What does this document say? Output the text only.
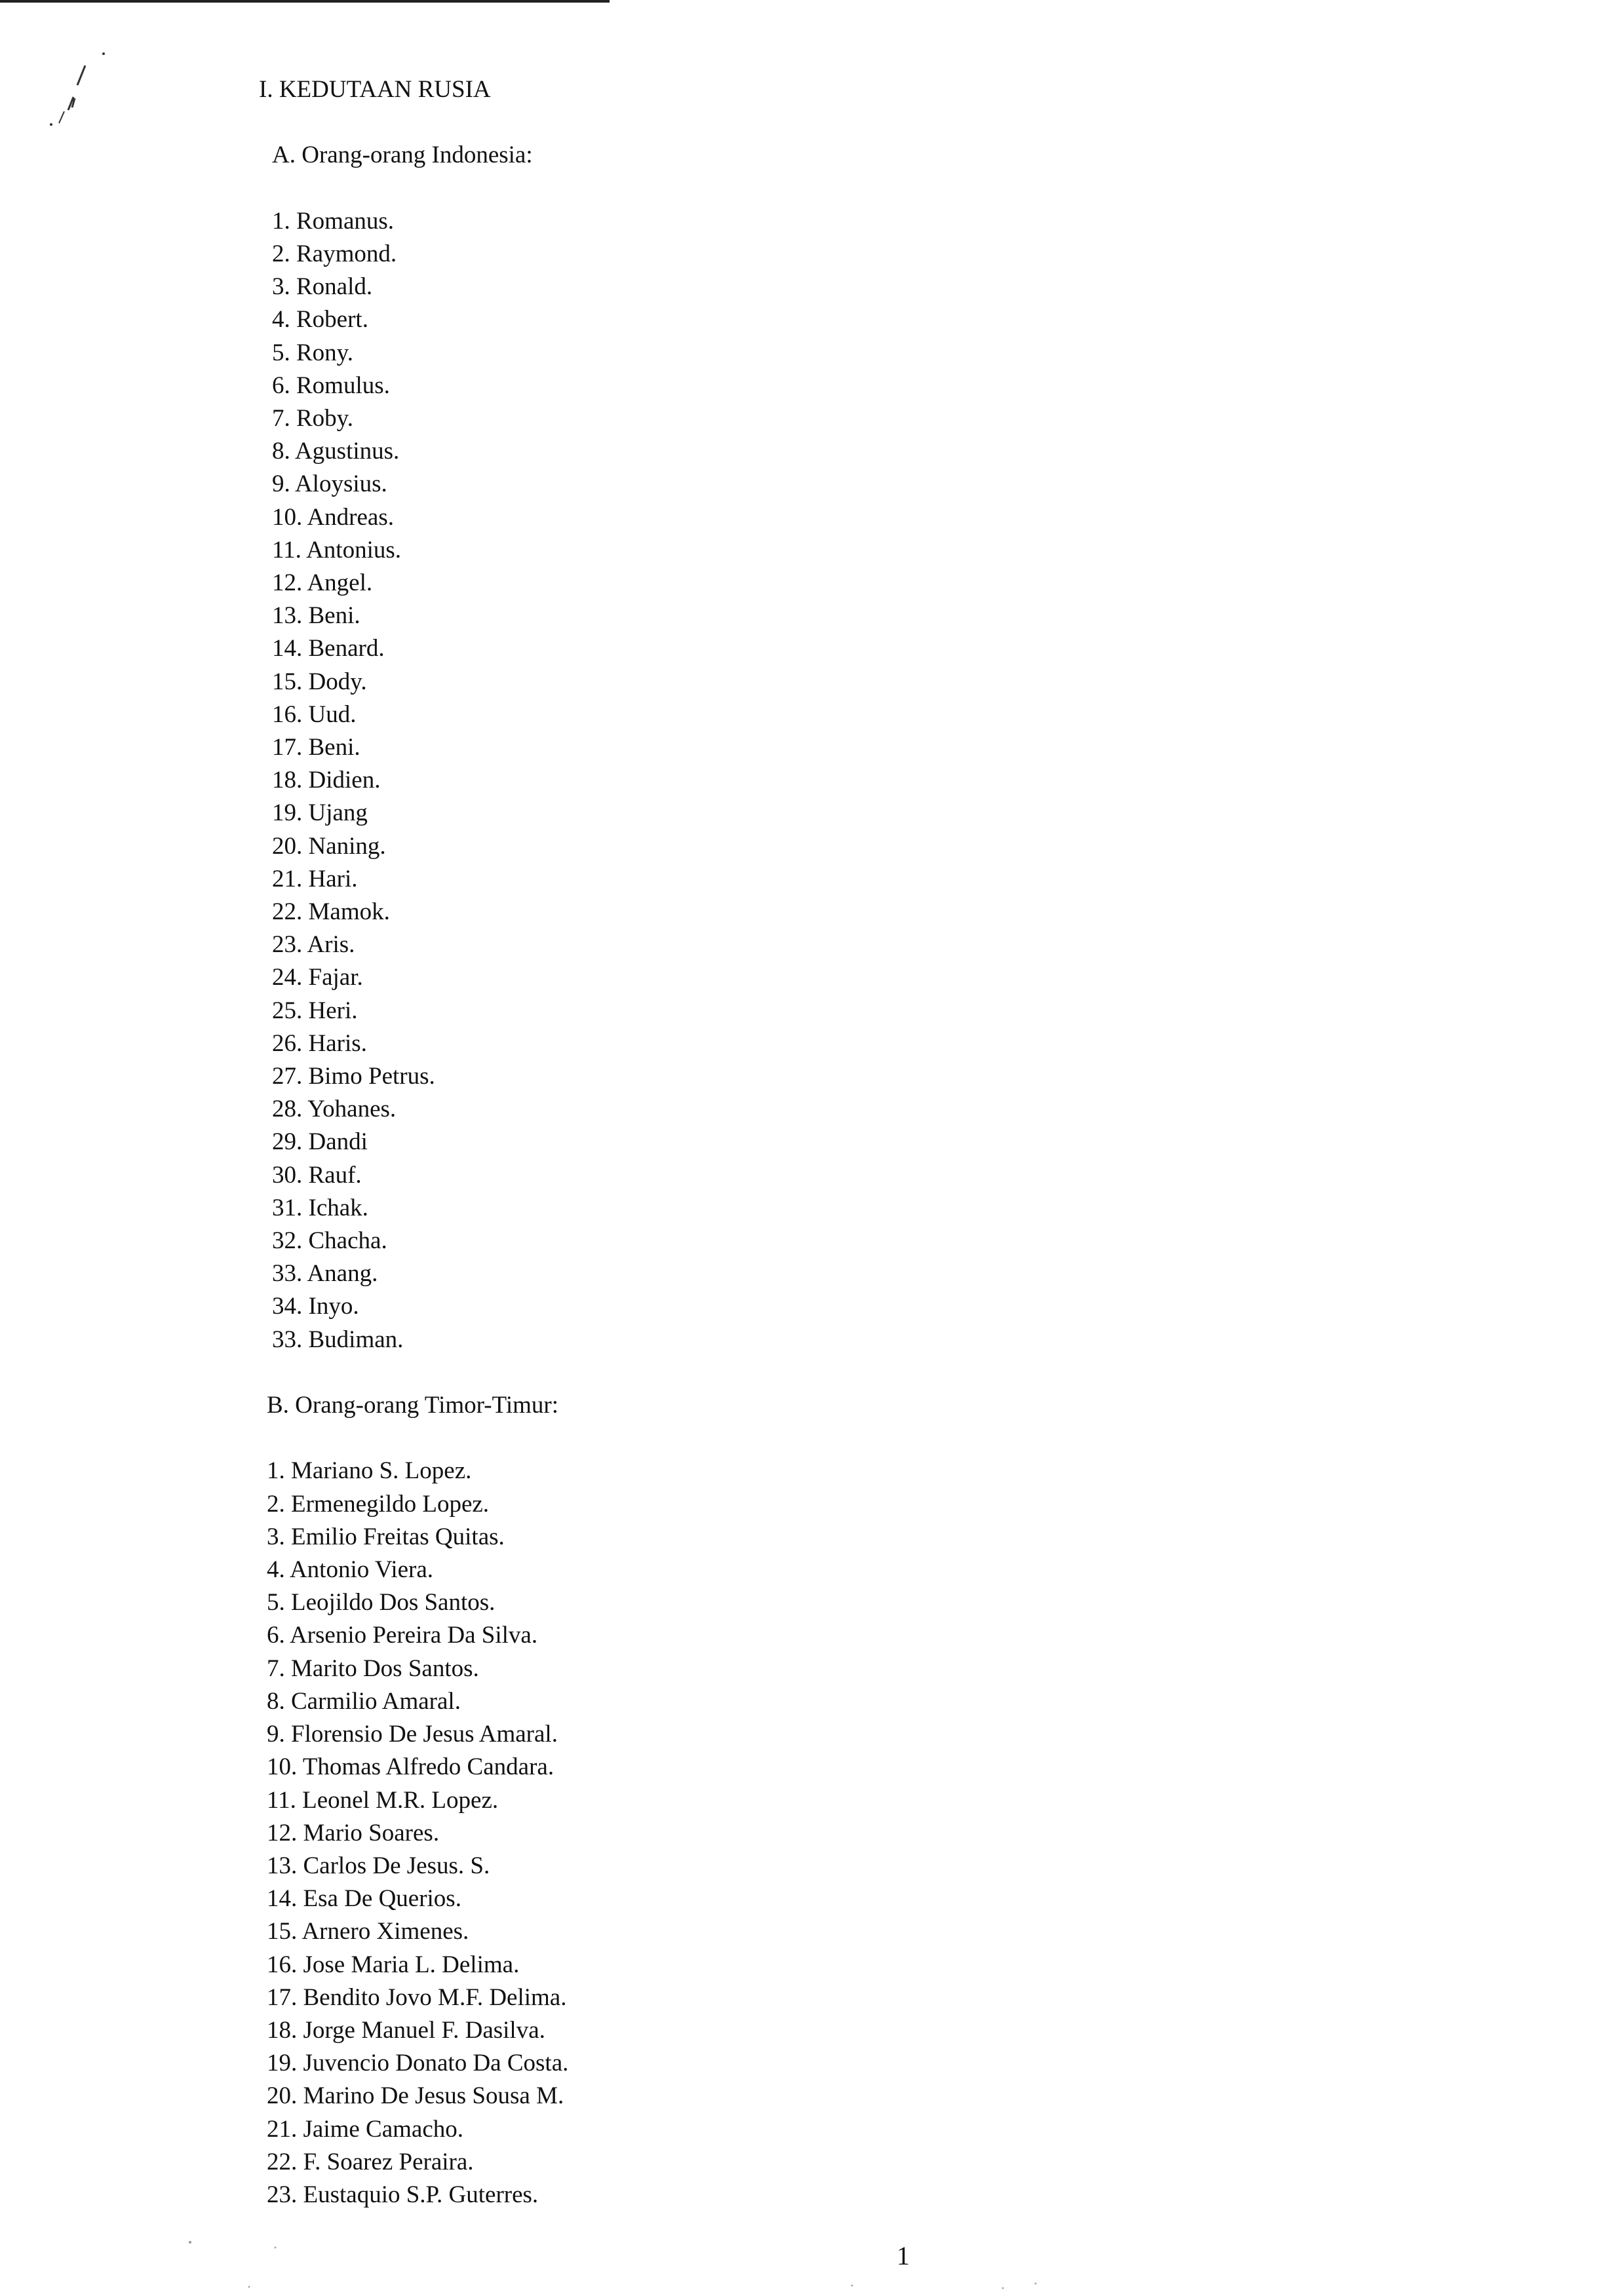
I. KEDUTAAN RUSIA

A. Orang-orang Indonesia:

1. Romanus.
2. Raymond.
3. Ronald.
4. Robert.
5. Rony.
6. Romulus.
7. Roby.
8. Agustinus.
9. Aloysius.
10. Andreas.
11. Antonius.
12. Angel.
13. Beni.
14. Benard.
15. Dody.
16. Uud.
17. Beni.
18. Didien.
19. Ujang
20. Naning.
21. Hari.
22. Mamok.
23. Aris.
24. Fajar.
25. Heri.
26. Haris.
27. Bimo Petrus.
28. Yohanes.
29. Dandi
30. Rauf.
31. Ichak.
32. Chacha.
33. Anang.
34. Inyo.
33. Budiman.

B. Orang-orang Timor-Timur:

1. Mariano S. Lopez.
2. Ermenegildo Lopez.
3. Emilio Freitas Quitas.
4. Antonio Viera.
5. Leojildo Dos Santos.
6. Arsenio Pereira Da Silva.
7. Marito Dos Santos.
8. Carmilio Amaral.
9. Florensio De Jesus Amaral.
10. Thomas Alfredo Candara.
11. Leonel M.R. Lopez.
12. Mario Soares.
13. Carlos De Jesus. S.
14. Esa De Querios.
15. Arnero Ximenes.
16. Jose Maria L. Delima.
17. Bendito Jovo M.F. Delima.
18. Jorge Manuel F. Dasilva.
19. Juvencio Donato Da Costa.
20. Marino De Jesus Sousa M.
21. Jaime Camacho.
22. F. Soarez Peraira.
23. Eustaquio S.P. Guterres.
1
